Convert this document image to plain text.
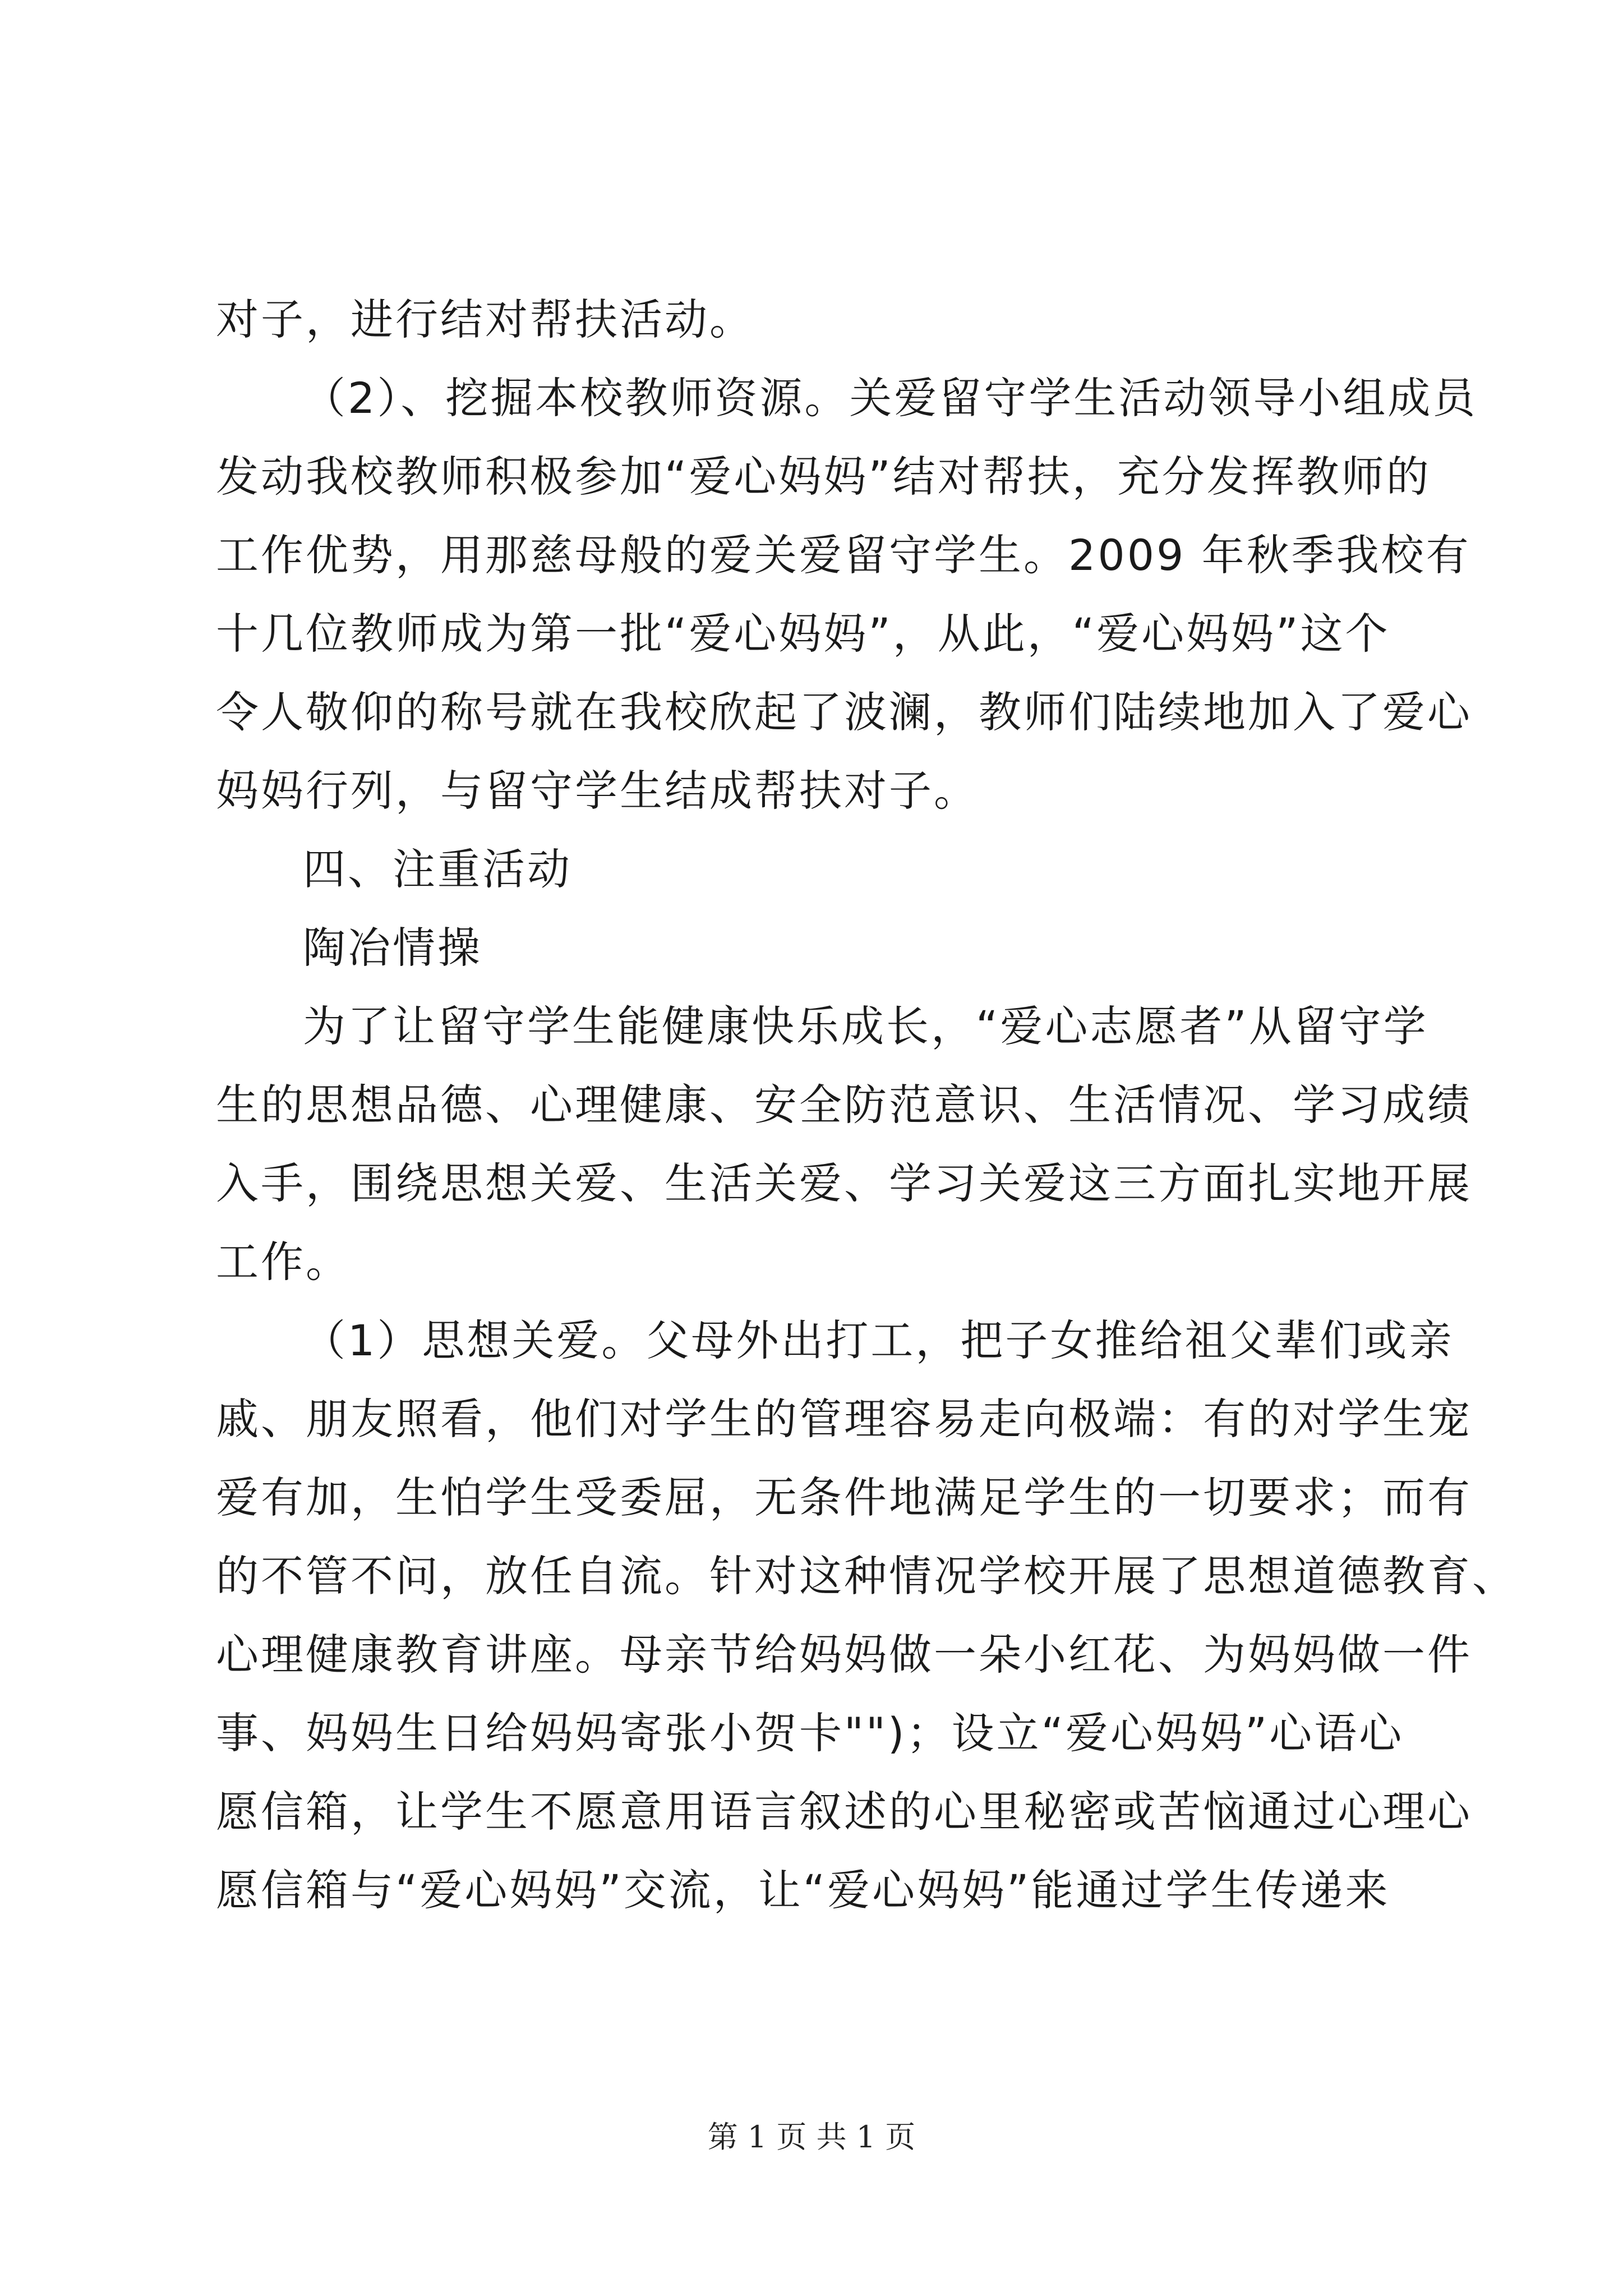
对子，进行结对帮扶活动。
（2）、挖掘本校教师资源。关爱留守学生活动领导小组成员
发动我校教师积极参加“爱心妈妈”结对帮扶，充分发挥教师的
工作优势，用那慈母般的爱关爱留守学生。2009 年秋季我校有
十几位教师成为第一批“爱心妈妈”，从此，“爱心妈妈”这个
令人敬仰的称号就在我校欣起了波澜，教师们陆续地加入了爱心
妈妈行列，与留守学生结成帮扶对子。
四、注重活动
陶冶情操
为了让留守学生能健康快乐成长，“爱心志愿者”从留守学
生的思想品德、心理健康、安全防范意识、生活情况、学习成绩
入手，围绕思想关爱、生活关爱、学习关爱这三方面扎实地开展
工作。
（1）思想关爱。父母外出打工，把子女推给祖父辈们或亲
戚、朋友照看，他们对学生的管理容易走向极端：有的对学生宠
爱有加，生怕学生受委屈，无条件地满足学生的一切要求；而有
的不管不问，放任自流。针对这种情况学校开展了思想道德教育、
心理健康教育讲座。母亲节给妈妈做一朵小红花、为妈妈做一件
事、妈妈生日给妈妈寄张小贺卡"")；设立“爱心妈妈”心语心
愿信箱，让学生不愿意用语言叙述的心里秘密或苦恼通过心理心
愿信箱与“爱心妈妈”交流，让“爱心妈妈”能通过学生传递来
第 1 页 共 1 页
